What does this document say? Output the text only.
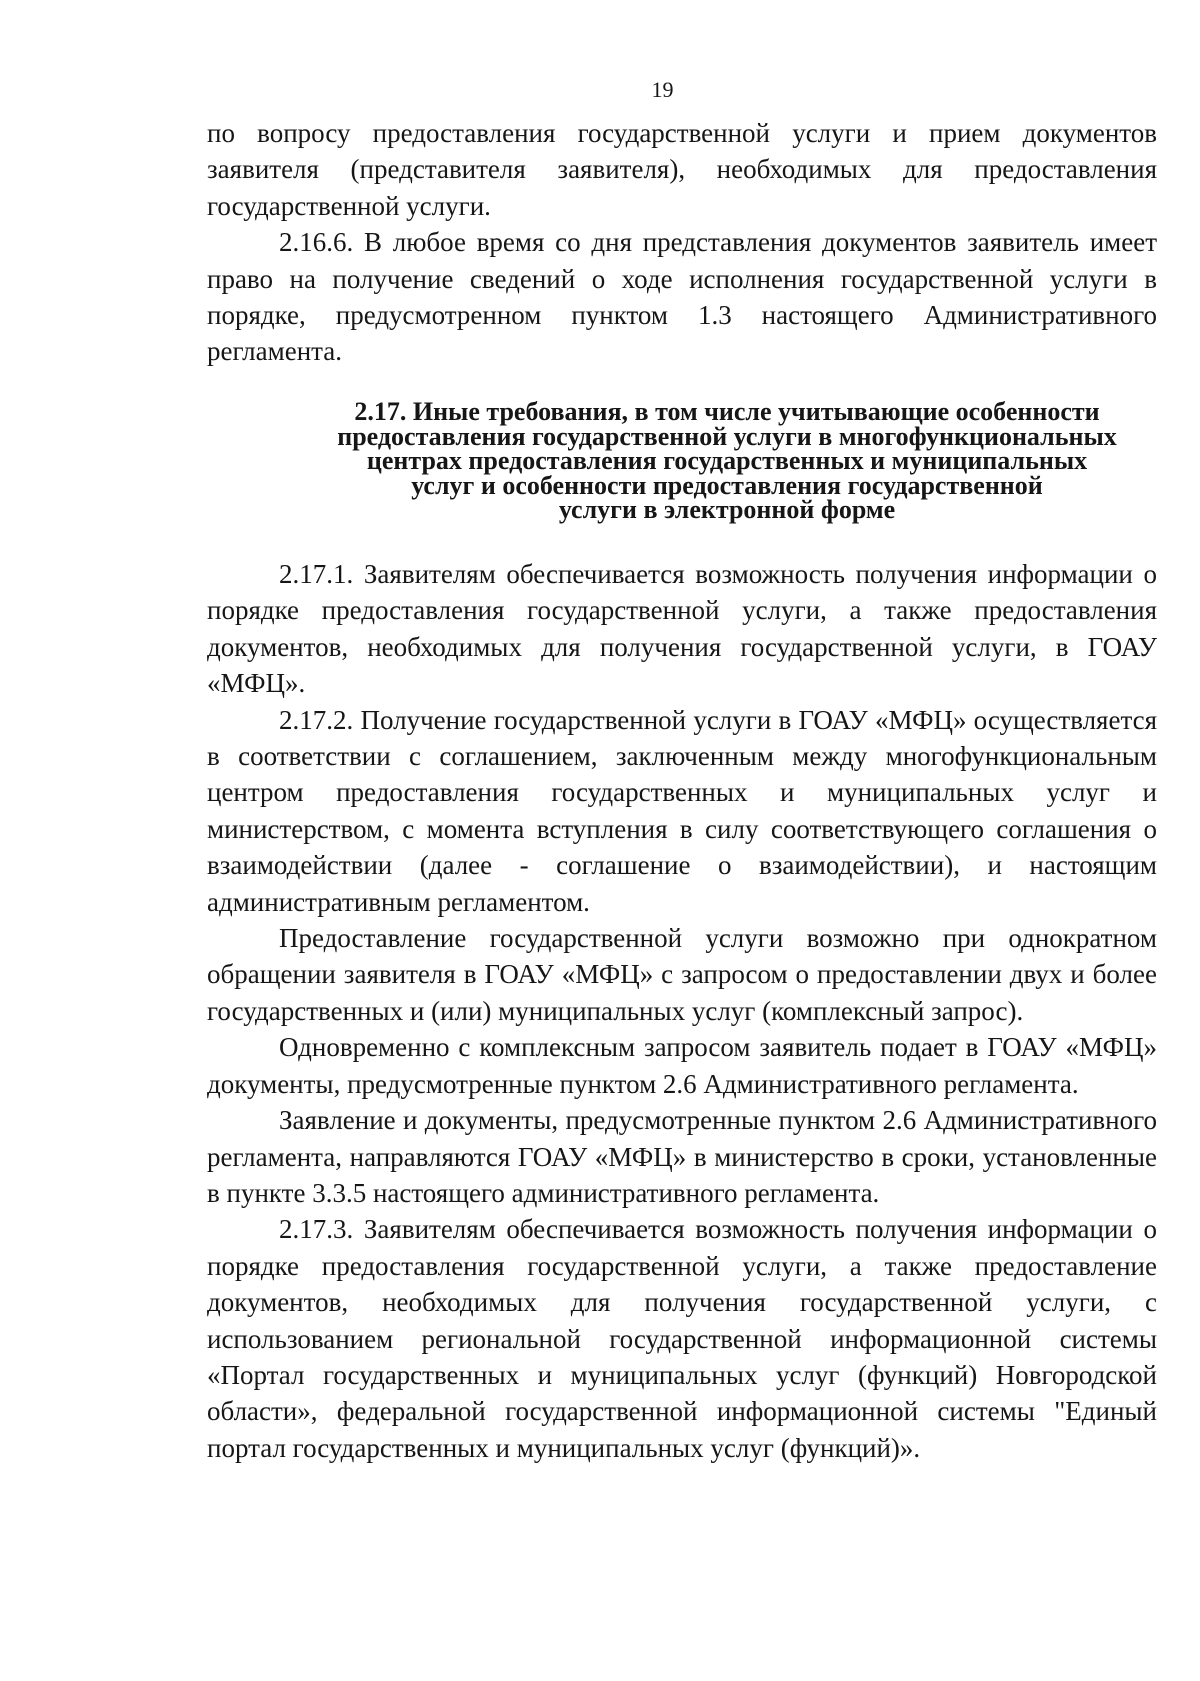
19

по вопросу предоставления государственной услуги и прием документов заявителя (представителя заявителя), необходимых для предоставления государственной услуги.

2.16.6. В любое время со дня представления документов заявитель имеет право на получение сведений о ходе исполнения государственной услуги в порядке, предусмотренном пунктом 1.3 настоящего Административного регламента.

2.17. Иные требования, в том числе учитывающие особенности
предоставления государственной услуги в многофункциональных
центрах предоставления государственных и муниципальных
услуг и особенности предоставления государственной
услуги в электронной форме

2.17.1. Заявителям обеспечивается возможность получения информации о порядке предоставления государственной услуги, а также предоставления документов, необходимых для получения государственной услуги, в ГОАУ «МФЦ».

2.17.2. Получение государственной услуги в ГОАУ «МФЦ» осуществляется в соответствии с соглашением, заключенным между многофункциональным центром предоставления государственных и муниципальных услуг и министерством, с момента вступления в силу соответствующего соглашения о взаимодействии (далее - соглашение о взаимодействии), и настоящим административным регламентом.

Предоставление государственной услуги возможно при однократном обращении заявителя в ГОАУ «МФЦ» с запросом о предоставлении двух и более государственных и (или) муниципальных услуг (комплексный запрос).

Одновременно с комплексным запросом заявитель подает в ГОАУ «МФЦ» документы, предусмотренные пунктом 2.6 Административного регламента.

Заявление и документы, предусмотренные пунктом 2.6 Административного регламента, направляются ГОАУ «МФЦ» в министерство в сроки, установленные в пункте 3.3.5 настоящего административного регламента.

2.17.3. Заявителям обеспечивается возможность получения информации о порядке предоставления государственной услуги, а также предоставление документов, необходимых для получения государственной услуги, с использованием региональной государственной информационной системы «Портал государственных и муниципальных услуг (функций) Новгородской области», федеральной государственной информационной системы "Единый портал государственных и муниципальных услуг (функций)».
